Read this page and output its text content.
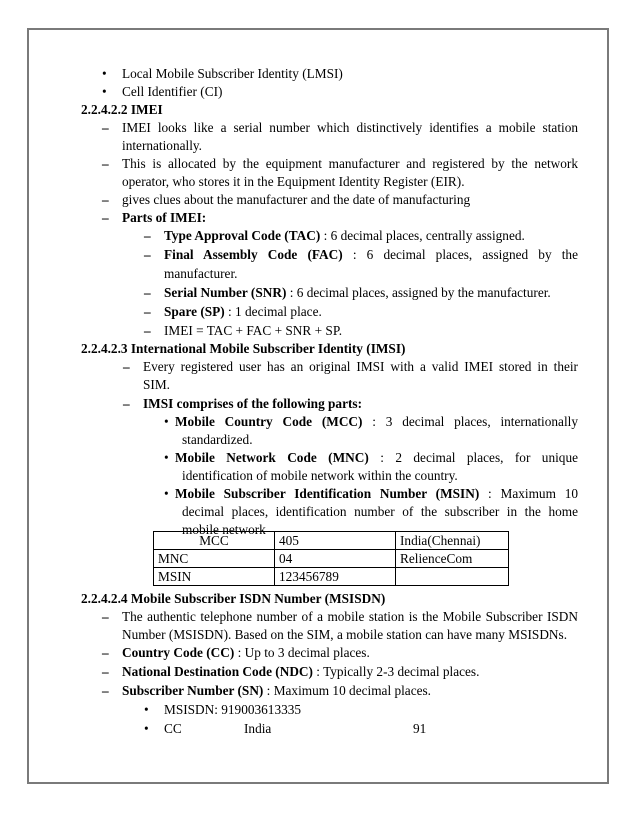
• Local Mobile Subscriber Identity (LMSI)
• Cell Identifier (CI)
2.2.4.2.2 IMEI
– IMEI looks like a serial number which distinctively identifies a mobile station
internationally.
– This is allocated by the equipment manufacturer and registered by the network
operator, who stores it in the Equipment Identity Register (EIR).
– gives clues about the manufacturer and the date of manufacturing
– Parts of IMEI:
– Type Approval Code (TAC) : 6 decimal places, centrally assigned.
– Final Assembly Code (FAC) : 6 decimal places, assigned by the
manufacturer.
– Serial Number (SNR) : 6 decimal places, assigned by the manufacturer.
– Spare (SP) : 1 decimal place.
– IMEI = TAC + FAC + SNR + SP.
2.2.4.2.3 International Mobile Subscriber Identity (IMSI)
– Every registered user has an original IMSI with a valid IMEI stored in their
SIM.
– IMSI comprises of the following parts:
• Mobile Country Code (MCC) : 3 decimal places, internationally
standardized.
• Mobile Network Code (MNC) : 2 decimal places, for unique
identification of mobile network within the country.
• Mobile Subscriber Identification Number (MSIN) : Maximum 10
decimal places, identification number of the subscriber in the home
mobile network
2.2.4.2.4 Mobile Subscriber ISDN Number (MSISDN)
– The authentic telephone number of a mobile station is the Mobile Subscriber ISDN
Number (MSISDN). Based on the SIM, a mobile station can have many MSISDNs.
– Country Code (CC) : Up to 3 decimal places.
– National Destination Code (NDC) : Typically 2-3 decimal places.
– Subscriber Number (SN) : Maximum 10 decimal places.
• MSISDN: 919003613335
• CC	India	91
MCC	405	India(Chennai)
MNC	04	RelienceCom
MSIN	123456789	
